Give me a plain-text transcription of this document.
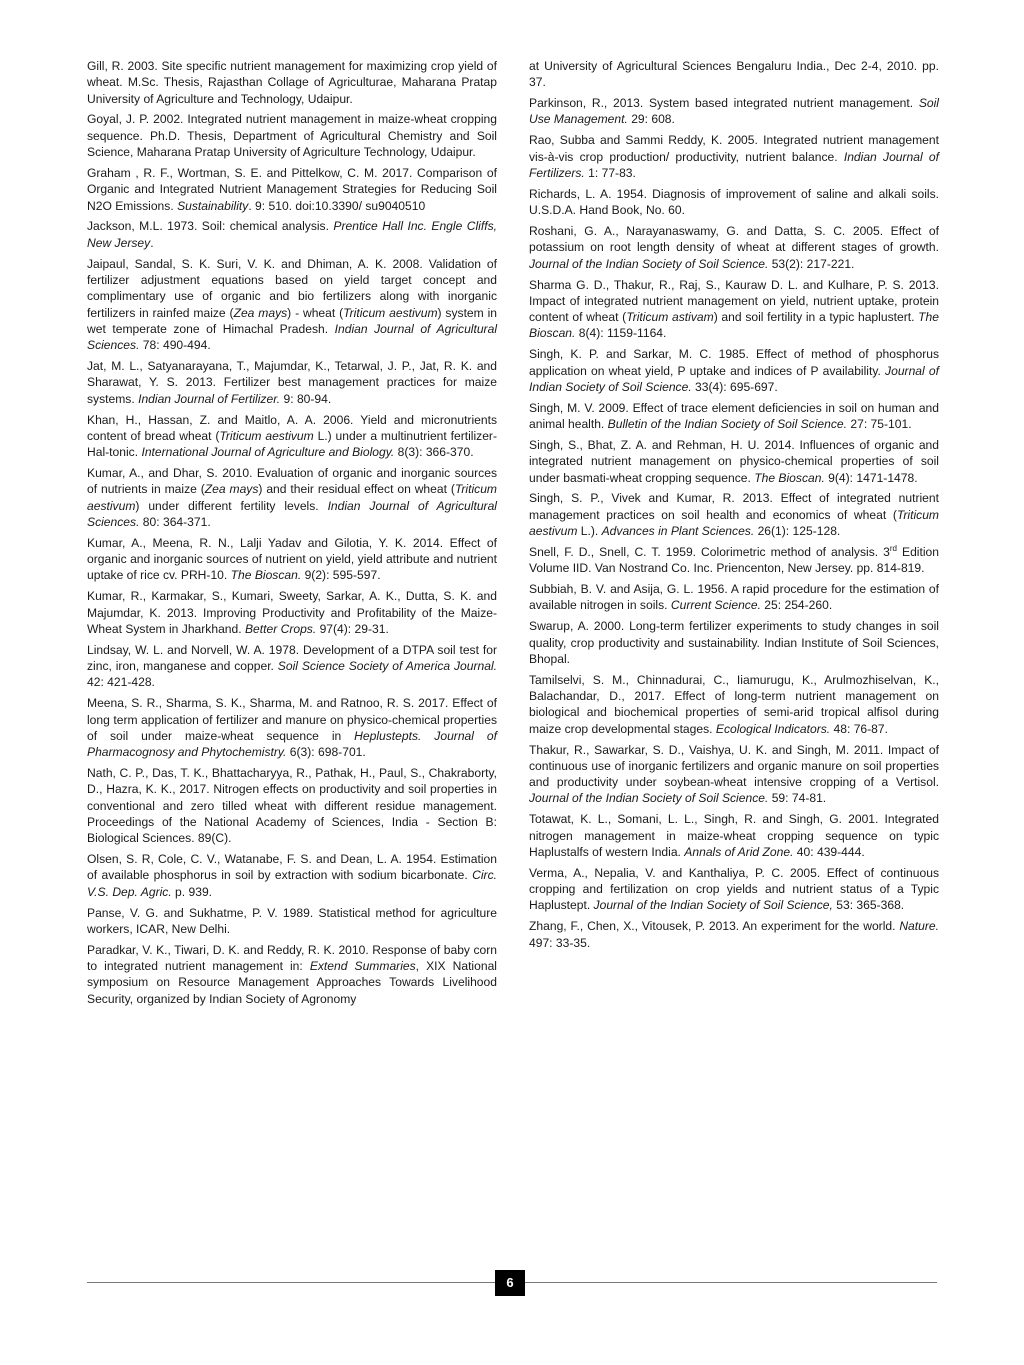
Gill, R. 2003. Site specific nutrient management for maximizing crop yield of wheat. M.Sc. Thesis, Rajasthan Collage of Agriculturae, Maharana Pratap University of Agriculture and Technology, Udaipur.

Goyal, J. P. 2002. Integrated nutrient management in maize-wheat cropping sequence. Ph.D. Thesis, Department of Agricultural Chemistry and Soil Science, Maharana Pratap University of Agriculture Technology, Udaipur.

Graham , R. F., Wortman, S. E. and Pittelkow, C. M. 2017. Comparison of Organic and Integrated Nutrient Management Strategies for Reducing Soil N2O Emissions. Sustainability. 9: 510. doi:10.3390/ su9040510

Jackson, M.L. 1973. Soil: chemical analysis. Prentice Hall Inc. Engle Cliffs, New Jersey.

Jaipaul, Sandal, S. K. Suri, V. K. and Dhiman, A. K. 2008. Validation of fertilizer adjustment equations based on yield target concept and complimentary use of organic and bio fertilizers along with inorganic fertilizers in rainfed maize (Zea mays) - wheat (Triticum aestivum) system in wet temperate zone of Himachal Pradesh. Indian Journal of Agricultural Sciences. 78: 490-494.

Jat, M. L., Satyanarayana, T., Majumdar, K., Tetarwal, J. P., Jat, R. K. and Sharawat, Y. S. 2013. Fertilizer best management practices for maize systems. Indian Journal of Fertilizer. 9: 80-94.

Khan, H., Hassan, Z. and Maitlo, A. A. 2006. Yield and micronutrients content of bread wheat (Triticum aestivum L.) under a multinutrient fertilizer-Hal-tonic. International Journal of Agriculture and Biology. 8(3): 366-370.

Kumar, A., and Dhar, S. 2010. Evaluation of organic and inorganic sources of nutrients in maize (Zea mays) and their residual effect on wheat (Triticum aestivum) under different fertility levels. Indian Journal of Agricultural Sciences. 80: 364-371.

Kumar, A., Meena, R. N., Lalji Yadav and Gilotia, Y. K. 2014. Effect of organic and inorganic sources of nutrient on yield, yield attribute and nutrient uptake of rice cv. PRH-10. The Bioscan. 9(2): 595-597.

Kumar, R., Karmakar, S., Kumari, Sweety, Sarkar, A. K., Dutta, S. K. and Majumdar, K. 2013. Improving Productivity and Profitability of the Maize-Wheat System in Jharkhand. Better Crops. 97(4): 29-31.

Lindsay, W. L. and Norvell, W. A. 1978. Development of a DTPA soil test for zinc, iron, manganese and copper. Soil Science Society of America Journal. 42: 421-428.

Meena, S. R., Sharma, S. K., Sharma, M. and Ratnoo, R. S. 2017. Effect of long term application of fertilizer and manure on physico-chemical properties of soil under maize-wheat sequence in Heplustepts. Journal of Pharmacognosy and Phytochemistry. 6(3): 698-701.

Nath, C. P., Das, T. K., Bhattacharyya, R., Pathak, H., Paul, S., Chakraborty, D., Hazra, K. K., 2017. Nitrogen effects on productivity and soil properties in conventional and zero tilled wheat with different residue management. Proceedings of the National Academy of Sciences, India - Section B: Biological Sciences. 89(C).

Olsen, S. R, Cole, C. V., Watanabe, F. S. and Dean, L. A. 1954. Estimation of available phosphorus in soil by extraction with sodium bicarbonate. Circ. V.S. Dep. Agric. p. 939.

Panse, V. G. and Sukhatme, P. V. 1989. Statistical method for agriculture workers, ICAR, New Delhi.

Paradkar, V. K., Tiwari, D. K. and Reddy, R. K. 2010. Response of baby corn to integrated nutrient management in: Extend Summaries, XIX National symposium on Resource Management Approaches Towards Livelihood Security, organized by Indian Society of Agronomy

at University of Agricultural Sciences Bengaluru India., Dec 2-4, 2010. pp. 37.

Parkinson, R., 2013. System based integrated nutrient management. Soil Use Management. 29: 608.

Rao, Subba and Sammi Reddy, K. 2005. Integrated nutrient management vis-à-vis crop production/ productivity, nutrient balance. Indian Journal of Fertilizers. 1: 77-83.

Richards, L. A. 1954. Diagnosis of improvement of saline and alkali soils. U.S.D.A. Hand Book, No. 60.

Roshani, G. A., Narayanaswamy, G. and Datta, S. C. 2005. Effect of potassium on root length density of wheat at different stages of growth. Journal of the Indian Society of Soil Science. 53(2): 217-221.

Sharma G. D., Thakur, R., Raj, S., Kauraw D. L. and Kulhare, P. S. 2013. Impact of integrated nutrient management on yield, nutrient uptake, protein content of wheat (Triticum astivam) and soil fertility in a typic haplustert. The Bioscan. 8(4): 1159-1164.

Singh, K. P. and Sarkar, M. C. 1985. Effect of method of phosphorus application on wheat yield, P uptake and indices of P availability. Journal of Indian Society of Soil Science. 33(4): 695-697.

Singh, M. V. 2009. Effect of trace element deficiencies in soil on human and animal health. Bulletin of the Indian Society of Soil Science. 27: 75-101.

Singh, S., Bhat, Z. A. and Rehman, H. U. 2014. Influences of organic and integrated nutrient management on physico-chemical properties of soil under basmati-wheat cropping sequence. The Bioscan. 9(4): 1471-1478.

Singh, S. P., Vivek and Kumar, R. 2013. Effect of integrated nutrient management practices on soil health and economics of wheat (Triticum aestivum L.). Advances in Plant Sciences. 26(1): 125-128.

Snell, F. D., Snell, C. T. 1959. Colorimetric method of analysis. 3rd Edition Volume IID. Van Nostrand Co. Inc. Priencenton, New Jersey. pp. 814-819.

Subbiah, B. V. and Asija, G. L. 1956. A rapid procedure for the estimation of available nitrogen in soils. Current Science. 25: 254-260.

Swarup, A. 2000. Long-term fertilizer experiments to study changes in soil quality, crop productivity and sustainability. Indian Institute of Soil Sciences, Bhopal.

Tamilselvi, S. M., Chinnadurai, C., Iiamurugu, K., Arulmozhiselvan, K., Balachandar, D., 2017. Effect of long-term nutrient management on biological and biochemical properties of semi-arid tropical alfisol during maize crop developmental stages. Ecological Indicators. 48: 76-87.

Thakur, R., Sawarkar, S. D., Vaishya, U. K. and Singh, M. 2011. Impact of continuous use of inorganic fertilizers and organic manure on soil properties and productivity under soybean-wheat intensive cropping of a Vertisol. Journal of the Indian Society of Soil Science. 59: 74-81.

Totawat, K. L., Somani, L. L., Singh, R. and Singh, G. 2001. Integrated nitrogen management in maize-wheat cropping sequence on typic Haplustalfs of western India. Annals of Arid Zone. 40: 439-444.

Verma, A., Nepalia, V. and Kanthaliya, P. C. 2005. Effect of continuous cropping and fertilization on crop yields and nutrient status of a Typic Haplustept. Journal of the Indian Society of Soil Science, 53: 365-368.

Zhang, F., Chen, X., Vitousek, P. 2013. An experiment for the world. Nature. 497: 33-35.

6
